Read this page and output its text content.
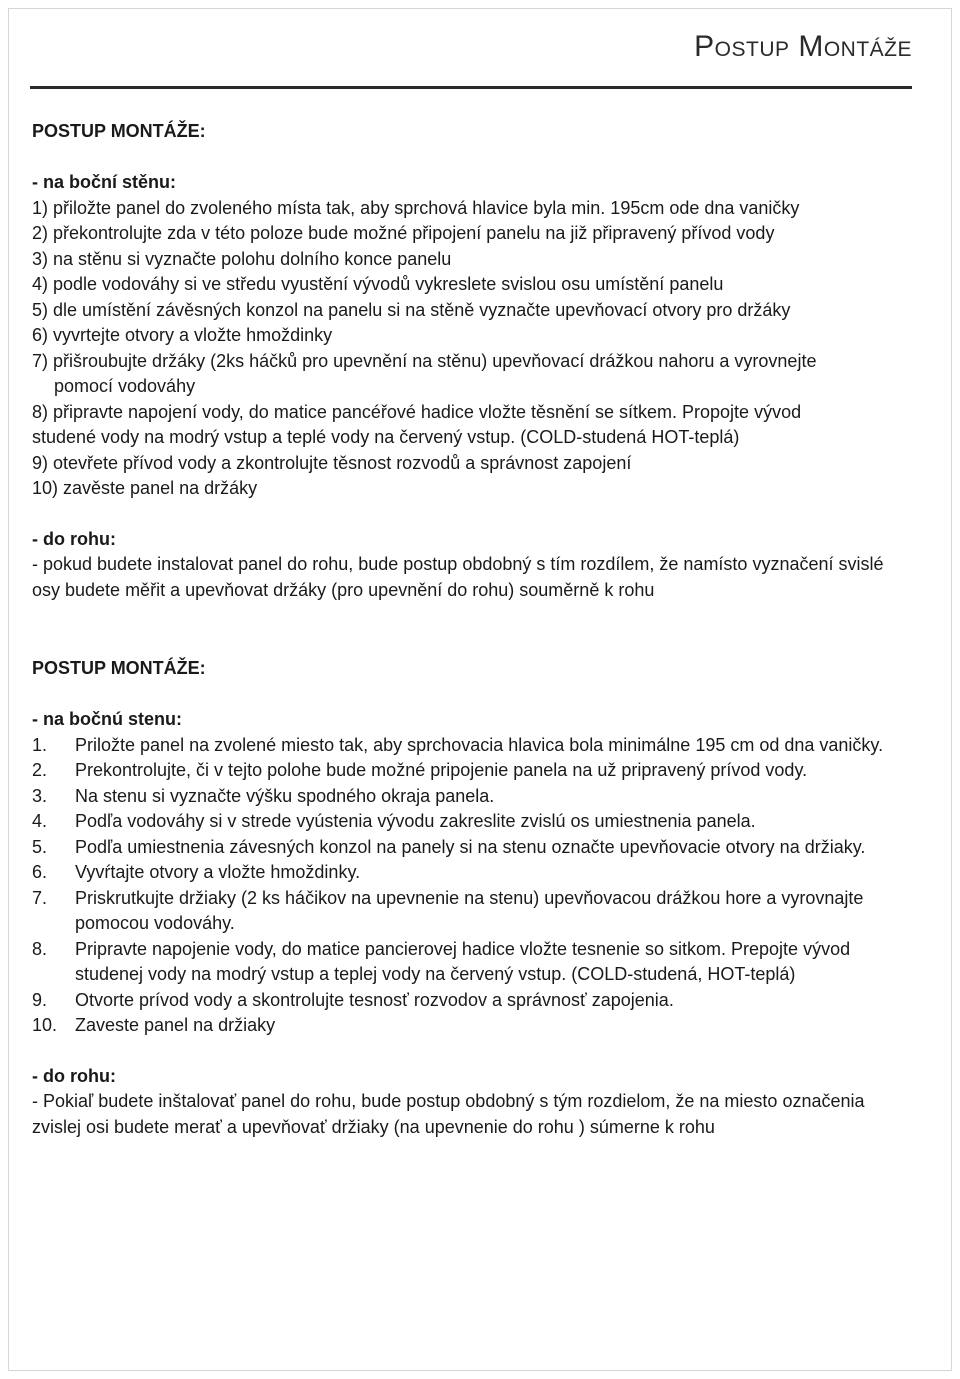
Postup Montáže

POSTUP MONTÁŽE:

- na boční stěnu:

1) přiložte panel do zvoleného místa tak, aby sprchová hlavice byla min. 195cm ode dna vaničky
2) překontrolujte zda v této poloze bude možné připojení panelu na již připravený přívod vody
3) na stěnu si vyznačte polohu dolního konce panelu
4) podle vodováhy si ve středu vyustění vývodů vykreslete svislou osu umístění panelu
5) dle umístění závěsných konzol na panelu si na stěně vyznačte upevňovací otvory pro držáky
6) vyvrtejte otvory a vložte hmoždinky
7) přišroubujte držáky (2ks háčků pro upevnění na stěnu) upevňovací drážkou nahoru a vyrovnejte
pomocí vodováhy
8) připravte napojení vody, do matice pancéřové hadice vložte těsnění se sítkem. Propojte vývod
studené vody na modrý vstup a teplé vody na červený vstup. (COLD-studená HOT-teplá)
9) otevřete přívod vody a zkontrolujte těsnost rozvodů a správnost zapojení
10) zavěste panel na držáky

- do rohu:

- pokud budete instalovat panel do rohu, bude postup obdobný s tím rozdílem, že namísto vyznačení svislé osy budete měřit a upevňovat držáky (pro upevnění do rohu) souměrně k rohu

POSTUP MONTÁŽE:

- na bočnú stenu:

1.	Priložte panel na zvolené miesto tak, aby sprchovacia hlavica bola minimálne 195 cm od dna vaničky.
2.	Prekontrolujte, či v tejto polohe bude možné pripojenie panela na už pripravený prívod vody.
3.	Na stenu si vyznačte výšku spodného okraja panela.
4.	Podľa vodováhy si v strede vyústenia vývodu zakreslite zvislú os umiestnenia panela.
5.	Podľa umiestnenia závesných konzol na panely si na stenu označte upevňovacie otvory na držiaky.
6.	Vyvŕtajte otvory a vložte hmoždinky.
7.	Priskrutkujte držiaky (2 ks háčikov na upevnenie na stenu) upevňovacou drážkou hore a vyrovnajte pomocou vodováhy.
8.	Pripravte napojenie vody, do matice pancierovej hadice vložte tesnenie so sitkom. Prepojte vývod studenej vody na modrý vstup a teplej vody na červený vstup. (COLD-studená, HOT-teplá)
9.	Otvorte prívod vody a skontrolujte tesnosť rozvodov a správnosť zapojenia.
10. Zaveste panel na držiaky

- do rohu:

- Pokiaľ budete inštalovať panel do rohu, bude postup obdobný s tým rozdielom, že na miesto označenia zvislej osi budete merať a upevňovať držiaky (na upevnenie do rohu ) súmerne k rohu
